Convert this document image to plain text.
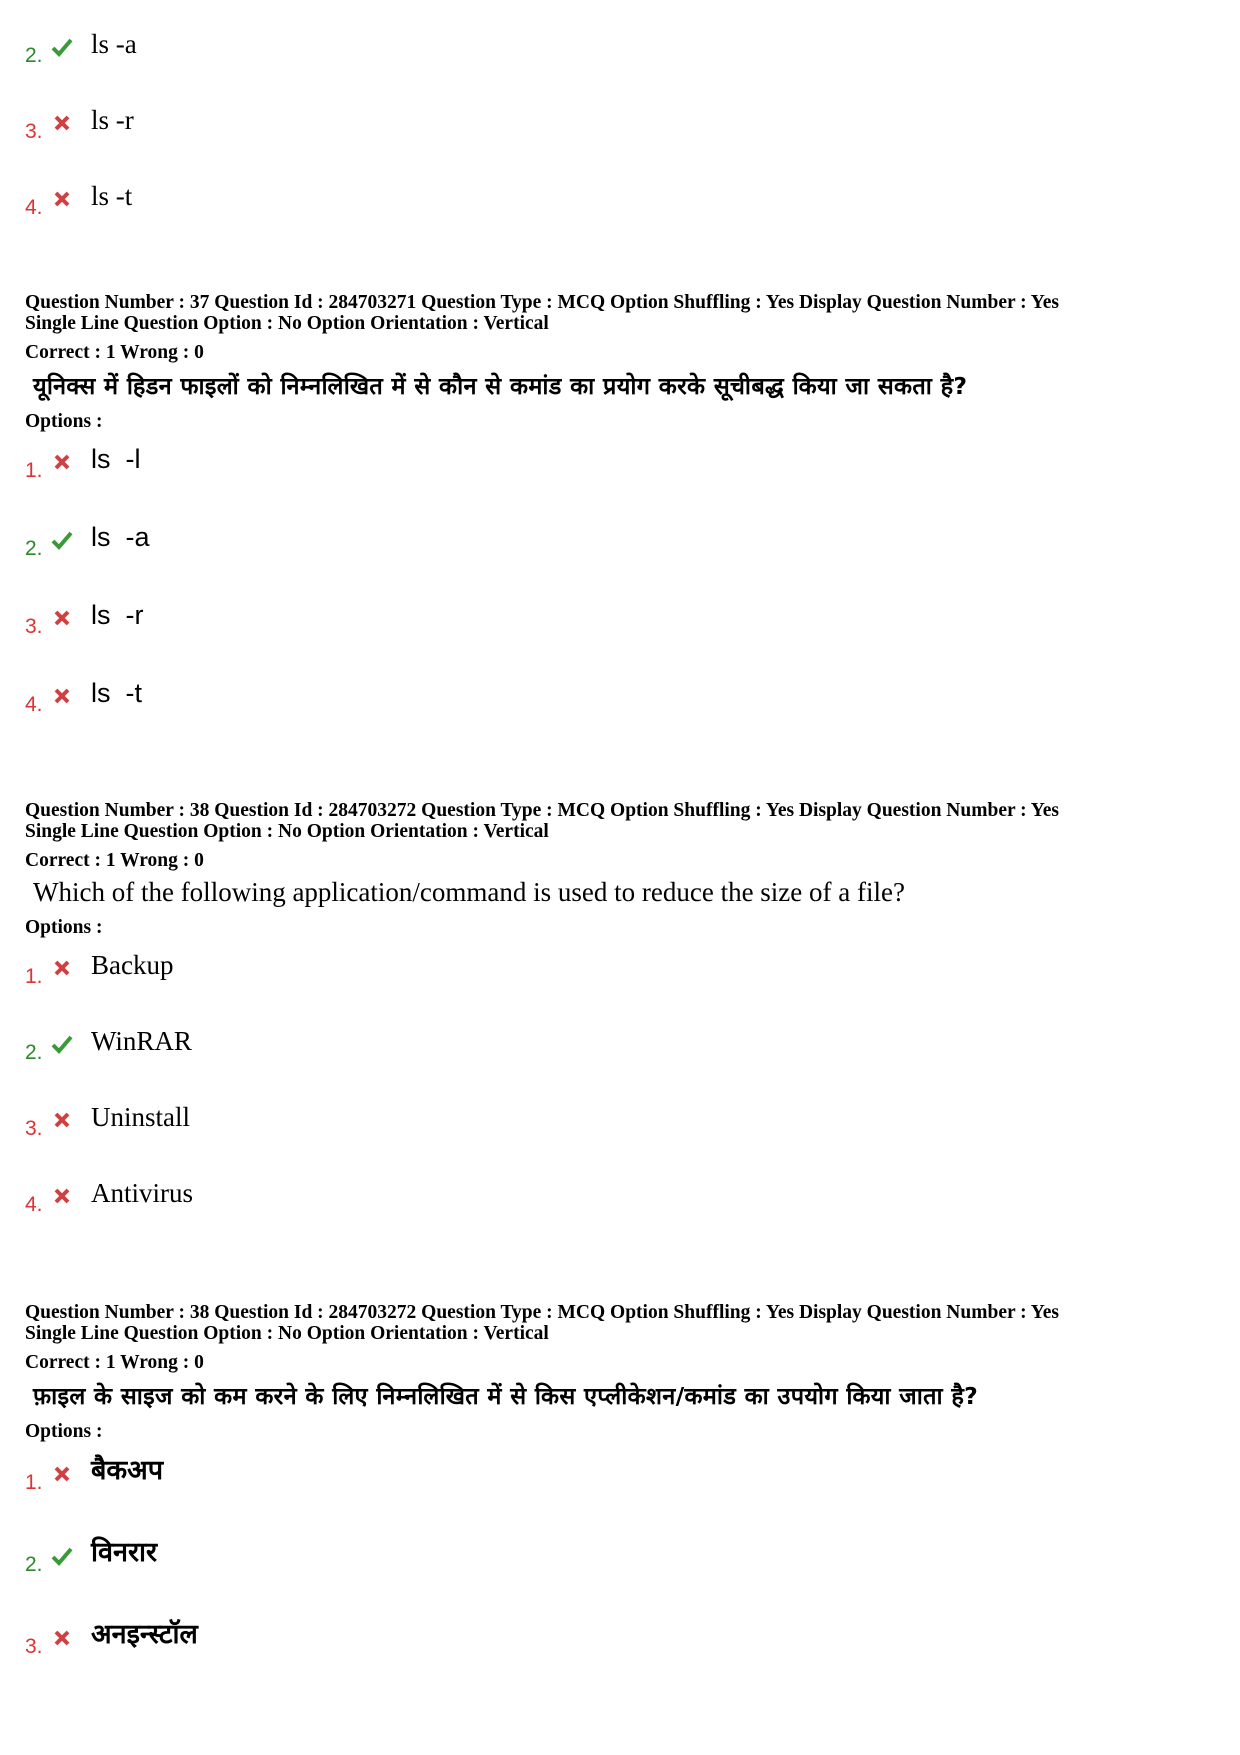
2. ls -a
3. ls -r
4. ls -t
Question Number : 37 Question Id : 284703271 Question Type : MCQ Option Shuffling : Yes Display Question Number : Yes
Single Line Question Option : No Option Orientation : Vertical
Correct : 1 Wrong : 0
यूनिक्स में हिडन फाइलों को निम्नलिखित में से कौन से कमांड का प्रयोग करके सूचीबद्ध किया जा सकता है?
Options :
1. ls  -l
2. ls  -a
3. ls  -r
4. ls  -t
Question Number : 38 Question Id : 284703272 Question Type : MCQ Option Shuffling : Yes Display Question Number : Yes
Single Line Question Option : No Option Orientation : Vertical
Correct : 1 Wrong : 0
Which of the following application/command is used to reduce the size of a file?
Options :
1. Backup
2. WinRAR
3. Uninstall
4. Antivirus
Question Number : 38 Question Id : 284703272 Question Type : MCQ Option Shuffling : Yes Display Question Number : Yes
Single Line Question Option : No Option Orientation : Vertical
Correct : 1 Wrong : 0
फ़ाइल के साइज को कम करने के लिए निम्नलिखित में से किस एप्लीकेशन/कमांड का उपयोग किया जाता है?
Options :
1. बैकअप
2. विनरार
3. अनइन्स्टॉल
